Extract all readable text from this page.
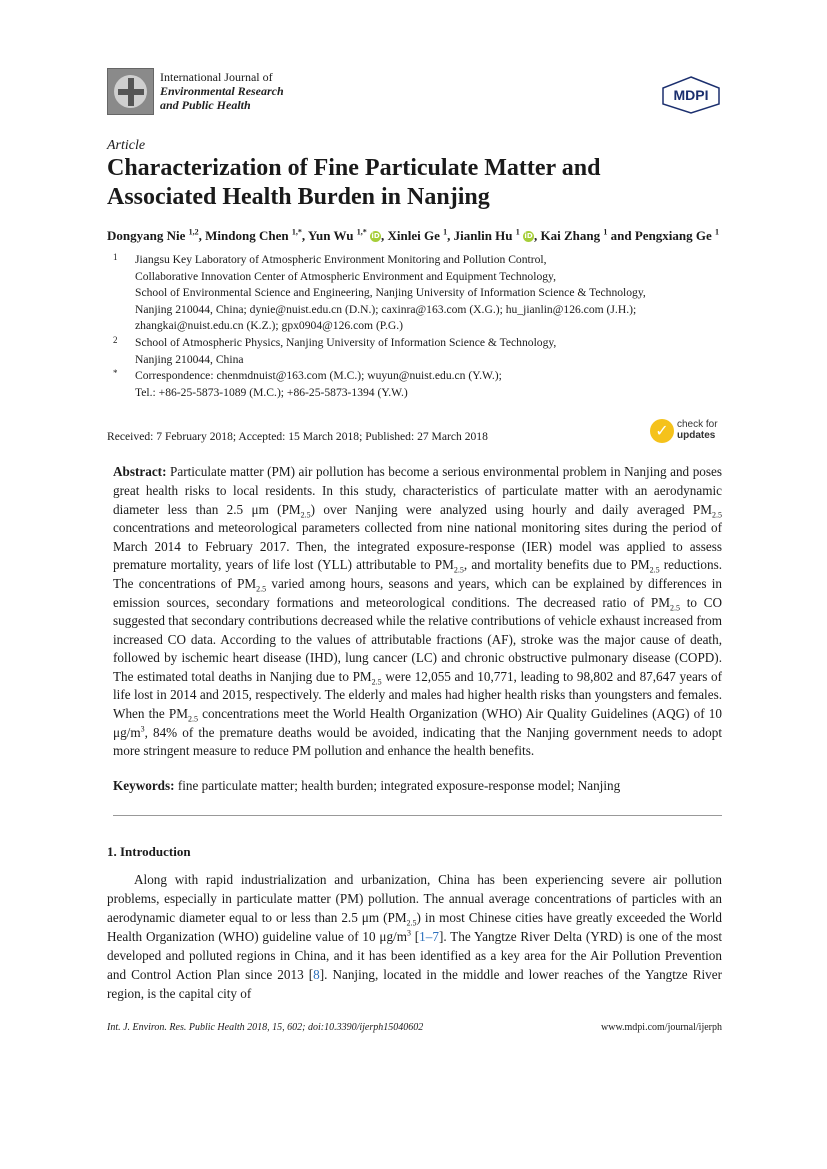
International Journal of
Environmental Research
and Public Health
MDPI
Article
Characterization of Fine Particulate Matter and
Associated Health Burden in Nanjing
Dongyang Nie $^{1,2}$, Mindong Chen $^{1,*}$, Yun Wu $^{1,*}$ iD, Xinlei Ge $^1$, Jianlin Hu $^1$ iD, Kai Zhang $^1$ and Pengxiang Ge $^1$
1 Jiangsu Key Laboratory of Atmospheric Environment Monitoring and Pollution Control,
Collaborative Innovation Center of Atmospheric Environment and Equipment Technology,
School of Environmental Science and Engineering, Nanjing University of Information Science & Technology,
Nanjing 210044, China; dynie@nuist.edu.cn (D.N.); caxinra@163.com (X.G.); hu_jianlin@126.com (J.H.);
zhangkai@nuist.edu.cn (K.Z.); gpx0904@126.com (P.G.)
2 School of Atmospheric Physics, Nanjing University of Information Science & Technology,
Nanjing 210044, China
* Correspondence: chenmdnuist@163.com (M.C.); wuyun@nuist.edu.cn (Y.W.);
Tel.: +86-25-5873-1089 (M.C.); +86-25-5873-1394 (Y.W.)
Received: 7 February 2018; Accepted: 15 March 2018; Published: 27 March 2018	✓ check for
updates
Abstract: Particulate matter (PM) air pollution has become a serious environmental problem in Nanjing and poses great health risks to local residents. In this study, characteristics of particulate matter with an aerodynamic diameter less than 2.5 μm $(PM_{2.5})$ over Nanjing were analyzed using hourly and daily averaged $PM_{2.5}$ concentrations and meteorological parameters collected from nine national monitoring sites during the period of March 2014 to February 2017. Then, the integrated exposure-response (IER) model was applied to assess premature mortality, years of life lost (YLL) attributable to $PM_{2.5}$, and mortality benefits due to $PM_{2.5}$ reductions. The concentrations of $PM_{2.5}$ varied among hours, seasons and years, which can be explained by differences in emission sources, secondary formations and meteorological conditions. The decreased ratio of $PM_{2.5}$ to CO suggested that secondary contributions decreased while the relative contributions of vehicle exhaust increased from increased CO data. According to the values of attributable fractions (AF), stroke was the major cause of death, followed by ischemic heart disease (IHD), lung cancer (LC) and chronic obstructive pulmonary disease (COPD). The estimated total deaths in Nanjing due to $PM_{2.5}$ were 12,055 and 10,771, leading to 98,802 and 87,647 years of life lost in 2014 and 2015, respectively. The elderly and males had higher health risks than youngsters and females. When the $PM_{2.5}$ concentrations meet the World Health Organization (WHO) Air Quality Guidelines (AQG) of 10 $\mu g/m^3$, 84% of the premature deaths would be avoided, indicating that the Nanjing government needs to adopt more stringent measure to reduce PM pollution and enhance the health benefits.
Keywords: fine particulate matter; health burden; integrated exposure-response model; Nanjing
1. Introduction
Along with rapid industrialization and urbanization, China has been experiencing severe air pollution problems, especially in particulate matter (PM) pollution. The annual average concentrations of particles with an aerodynamic diameter equal to or less than 2.5 μm $(PM_{2.5})$ in most Chinese cities have greatly exceeded the World Health Organization (WHO) guideline value of 10 $\mu g/m^3$ [1–7]. The Yangtze River Delta (YRD) is one of the most developed and polluted regions in China, and it has been identified as a key area for the Air Pollution Prevention and Control Action Plan since 2013 [8]. Nanjing, located in the middle and lower reaches of the Yangtze River region, is the capital city of
Int. J. Environ. Res. Public Health 2018, 15, 602; doi:10.3390/ijerph15040602	www.mdpi.com/journal/ijerph
